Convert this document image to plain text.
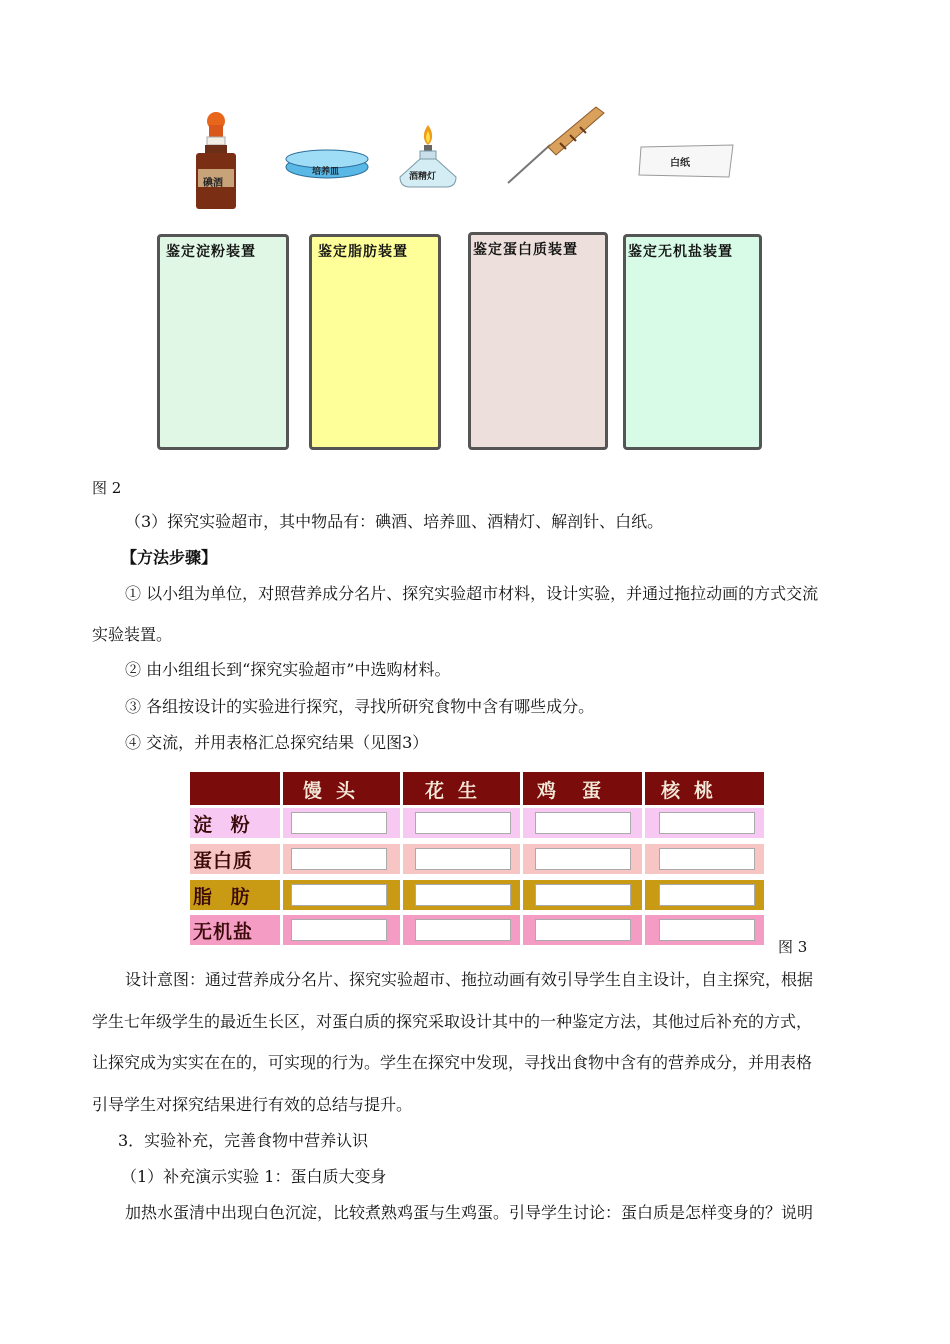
碘酒
培养皿	酒精灯
白纸
鉴定淀粉装置	鉴定脂肪装置	鉴定蛋白质装置	鉴定无机盐装置
图 2
（3）探究实验超市，其中物品有：碘酒、培养皿、酒精灯、解剖针、白纸。
【方法步骤】
① 以小组为单位，对照营养成分名片、探究实验超市材料，设计实验，并通过拖拉动画的方式交流
实验装置。
② 由小组组长到“探究实验超市”中选购材料。
③ 各组按设计的实验进行探究，寻找所研究食物中含有哪些成分。
④ 交流，并用表格汇总探究结果（见图3）
馒头	花生 鸡蛋 核桃
淀 粉
蛋白质
脂 肪
无机盐
图 3
设计意图：通过营养成分名片、探究实验超市、拖拉动画有效引导学生自主设计，自主探究，根据
学生七年级学生的最近生长区，对蛋白质的探究采取设计其中的一种鉴定方法，其他过后补充的方式，
让探究成为实实在在的，可实现的行为。学生在探究中发现，寻找出食物中含有的营养成分，并用表格
引导学生对探究结果进行有效的总结与提升。
3．实验补充，完善食物中营养认识
（1）补充演示实验 1：蛋白质大变身
加热水蛋清中出现白色沉淀，比较煮熟鸡蛋与生鸡蛋。引导学生讨论：蛋白质是怎样变身的？说明
